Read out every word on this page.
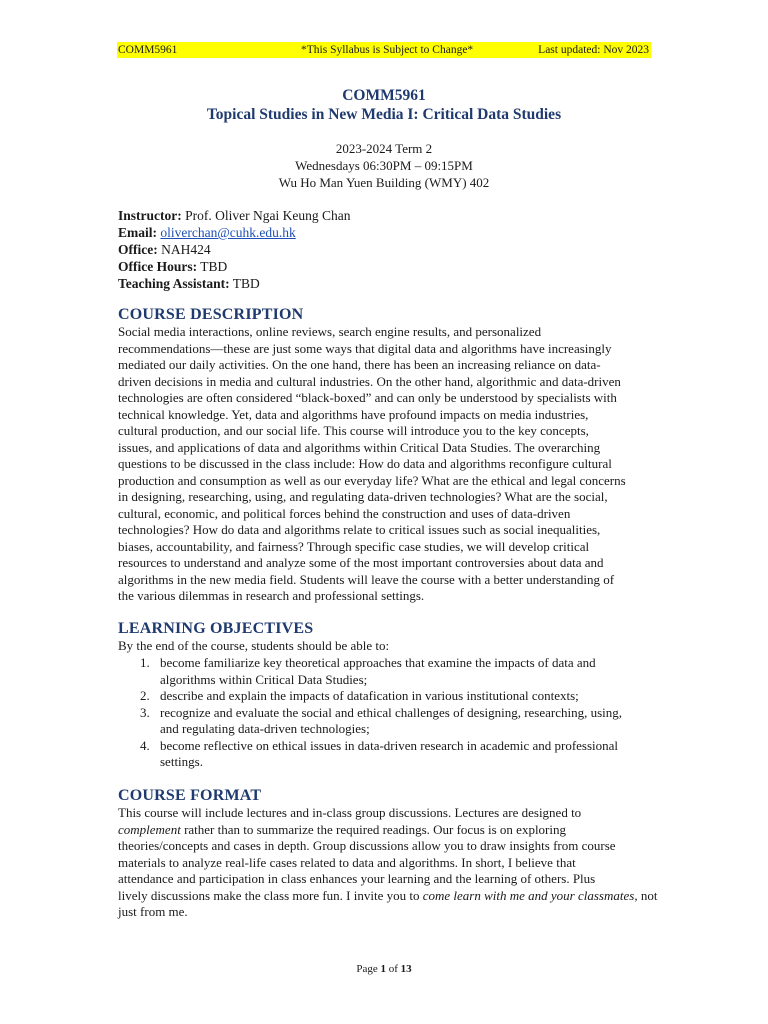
COMM5961	*This Syllabus is Subject to Change*	Last updated: Nov 2023
COMM5961
Topical Studies in New Media I: Critical Data Studies
2023-2024 Term 2
Wednesdays 06:30PM – 09:15PM
Wu Ho Man Yuen Building (WMY) 402
Instructor: Prof. Oliver Ngai Keung Chan
Email: oliverchan@cuhk.edu.hk
Office: NAH424
Office Hours: TBD
Teaching Assistant: TBD
COURSE DESCRIPTION
Social media interactions, online reviews, search engine results, and personalized
recommendations—these are just some ways that digital data and algorithms have increasingly
mediated our daily activities. On the one hand, there has been an increasing reliance on data-
driven decisions in media and cultural industries. On the other hand, algorithmic and data-driven
technologies are often considered “black-boxed” and can only be understood by specialists with
technical knowledge. Yet, data and algorithms have profound impacts on media industries,
cultural production, and our social life. This course will introduce you to the key concepts,
issues, and applications of data and algorithms within Critical Data Studies. The overarching
questions to be discussed in the class include: How do data and algorithms reconfigure cultural
production and consumption as well as our everyday life? What are the ethical and legal concerns
in designing, researching, using, and regulating data-driven technologies? What are the social,
cultural, economic, and political forces behind the construction and uses of data-driven
technologies? How do data and algorithms relate to critical issues such as social inequalities,
biases, accountability, and fairness? Through specific case studies, we will develop critical
resources to understand and analyze some of the most important controversies about data and
algorithms in the new media field. Students will leave the course with a better understanding of
the various dilemmas in research and professional settings.
LEARNING OBJECTIVES
By the end of the course, students should be able to:
1. become familiarize key theoretical approaches that examine the impacts of data and
algorithms within Critical Data Studies;
2. describe and explain the impacts of datafication in various institutional contexts;
3. recognize and evaluate the social and ethical challenges of designing, researching, using,
and regulating data-driven technologies;
4. become reflective on ethical issues in data-driven research in academic and professional
settings.
COURSE FORMAT
This course will include lectures and in-class group discussions. Lectures are designed to
complement rather than to summarize the required readings. Our focus is on exploring
theories/concepts and cases in depth. Group discussions allow you to draw insights from course
materials to analyze real-life cases related to data and algorithms. In short, I believe that
attendance and participation in class enhances your learning and the learning of others. Plus
lively discussions make the class more fun. I invite you to come learn with me and your classmates, not
just from me.
Page 1 of 13
